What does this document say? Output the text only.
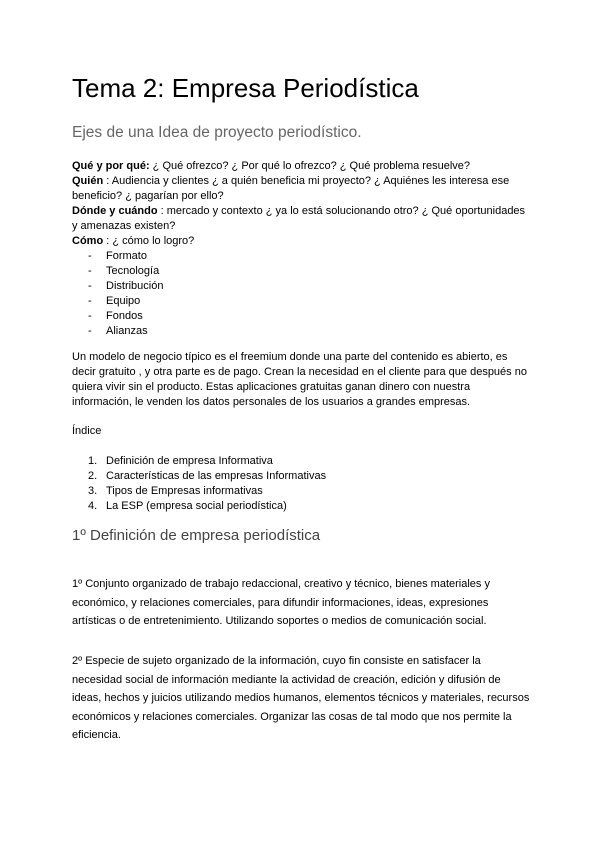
Tema 2: Empresa Periodística

Ejes de una Idea de proyecto periodístico.

Qué y por qué: ¿ Qué ofrezco? ¿ Por qué lo ofrezco? ¿ Qué problema resuelve?

Quién : Audiencia y clientes ¿ a quién beneficia mi proyecto? ¿ Aquiénes les interesa ese beneficio? ¿ pagarían por ello?

Dónde y cuándo : mercado y contexto ¿ ya lo está solucionando otro? ¿ Qué oportunidades y amenazas existen?

Cómo : ¿ cómo lo logro?

- Formato
- Tecnología
- Distribución
- Equipo
- Fondos
- Alianzas

Un modelo de negocio típico es el freemium donde una parte del contenido es abierto, es decir gratuito , y otra parte es de pago. Crean la necesidad en el cliente para que después no quiera vivir sin el producto. Estas aplicaciones gratuitas ganan dinero con nuestra información, le venden los datos personales de los usuarios a grandes empresas.

Índice

1. Definición de empresa Informativa
2. Características de las empresas Informativas
3. Tipos de Empresas informativas
4. La ESP (empresa social periodística)

1º Definición de empresa periodística

1º Conjunto organizado de trabajo redaccional, creativo y técnico, bienes materiales y económico, y relaciones comerciales, para difundir informaciones, ideas, expresiones artísticas o de entretenimiento. Utilizando soportes o medios de comunicación social.

2º Especie de sujeto organizado de la información, cuyo fin consiste en satisfacer la necesidad social de información mediante la actividad de creación, edición y difusión de ideas, hechos y juicios utilizando medios humanos, elementos técnicos y materiales, recursos económicos y relaciones comerciales. Organizar las cosas de tal modo que nos permite la eficiencia.
